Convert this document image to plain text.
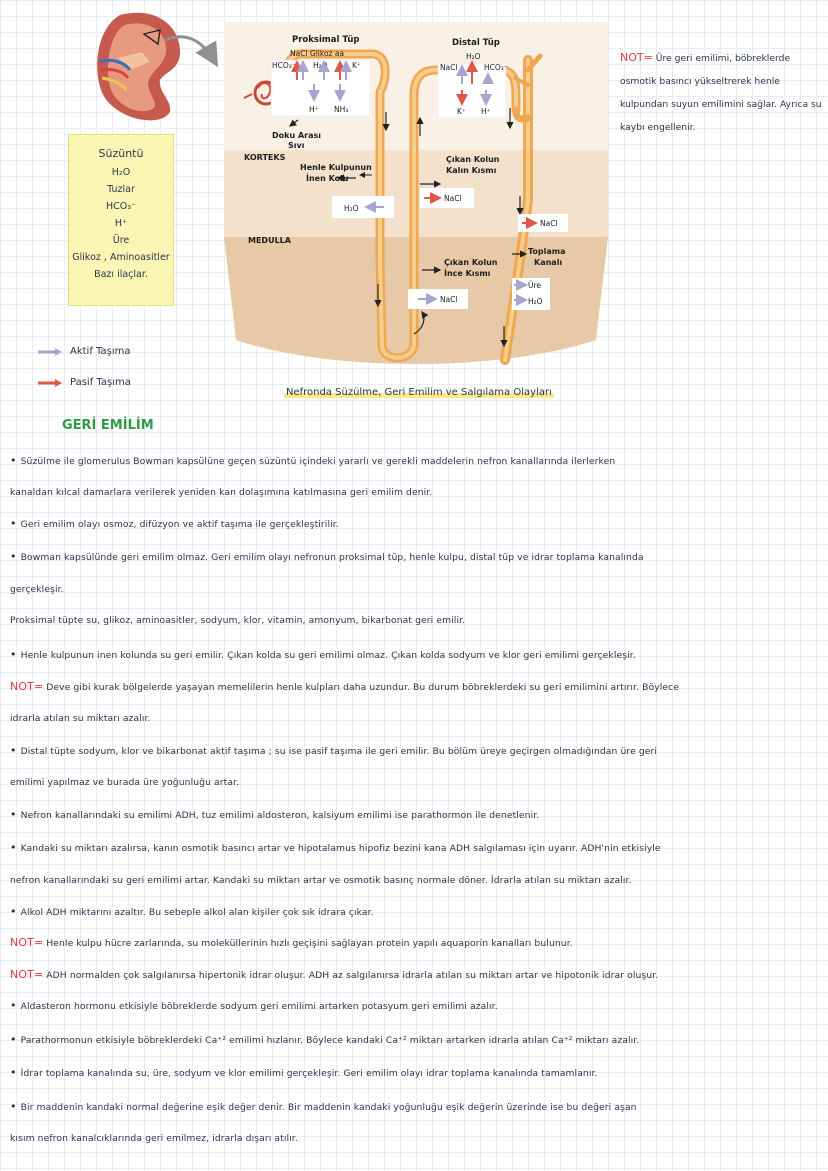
Proksimal Tüp
NaCl Glikoz aa
HCO₃⁻ H₂O	K⁺
H⁺ NH₃
Distal Tüp
H₂O
NaCl	HCO₃⁻
K⁺ H⁺
Doku Arası
Sıvı
KORTEKS
MEDULLA
Henle Kulpunun
İnen Kolu
Çıkan Kolun
Kalın Kısmı
Çıkan Kolun
İnce Kısmı
Toplama
Kanalı
H₂O
NaCl
NaCl
NaCl
Üre
H₂O
Süzüntü
H₂O
Tuzlar
HCO₃⁻
H⁺
Üre
Glikoz , Aminoasitler
Bazı ilaçlar.
Aktif Taşıma
Pasif Taşıma
NOT= Üre geri emilimi, böbreklerde osmotik basıncı yükseltrerek henle kulpundan suyun emilimini sağlar. Ayrıca su kaybı engellenir.
Nefronda Süzülme, Geri Emilim ve Salgılama Olayları
GERİ EMİLİM
• Süzülme ile glomerulus Bowman kapsülüne geçen süzüntü içindeki yararlı ve gerekli maddelerin nefron kanallarında ilerlerken
kanaldan kılcal damarlara verilerek yeniden kan dolaşımına katılmasına geri emilim denir.
• Geri emilim olayı osmoz, difüzyon ve aktif taşıma ile gerçekleştirilir.
• Bowman kapsülünde geri emilim olmaz. Geri emilim olayı nefronun proksimal tüp, henle kulpu, distal tüp ve idrar toplama kanalında
gerçekleşir.
Proksimal tüpte su, glikoz, aminoasitler, sodyum, klor, vitamin, amonyum, bikarbonat geri emilir.
• Henle kulpunun inen kolunda su geri emilir. Çıkan kolda su geri emilimi olmaz. Çıkan kolda sodyum ve klor geri emilimi gerçekleşir.
NOT= Deve gibi kurak bölgelerde yaşayan memelilerin henle kulpları daha uzundur. Bu durum böbreklerdeki su geri emilimini artırır. Böylece
idrarla atılan su miktarı azalır.
• Distal tüpte sodyum, klor ve bikarbonat aktif taşıma ; su ise pasif taşıma ile geri emilir. Bu bölüm üreye geçirgen olmadığından üre geri
emilimi yapılmaz ve burada üre yoğunluğu artar.
• Nefron kanallarındaki su emilimi ADH, tuz emilimi aldosteron, kalsiyum emilimi ise parathormon ile denetlenir.
• Kandaki su miktarı azalırsa, kanın osmotik basıncı artar ve hipotalamus hipofiz bezini kana ADH salgılaması için uyarır. ADH'nin etkisiyle
nefron kanallarındaki su geri emilimi artar. Kandaki su miktarı artar ve osmotik basınç normale döner. İdrarla atılan su miktarı azalır.
• Alkol ADH miktarını azaltır. Bu sebeple alkol alan kişiler çok sık idrara çıkar.
NOT= Henle kulpu hücre zarlarında, su moleküllerinin hızlı geçişini sağlayan protein yapılı aquaporin kanalları bulunur.
NOT= ADH normalden çok salgılanırsa hipertonik idrar oluşur. ADH az salgılanırsa idrarla atılan su miktarı artar ve hipotonik idrar oluşur.
• Aldasteron hormonu etkisiyle böbreklerde sodyum geri emilimi artarken potasyum geri emilimi azalır.
• Parathormonun etkisiyle böbreklerdeki Ca⁺² emilimi hızlanır. Böylece kandaki Ca⁺² miktarı artarken idrarla atılan Ca⁺² miktarı azalır.
• İdrar toplama kanalında su, üre, sodyum ve klor emilimi gerçekleşir. Geri emilim olayı idrar toplama kanalında tamamlanır.
• Bir maddenin kandaki normal değerine eşik değer denir. Bir maddenin kandaki yoğunluğu eşik değerin üzerinde ise bu değeri aşan
kısım nefron kanalcıklarında geri emilmez, idrarla dışarı atılır.
